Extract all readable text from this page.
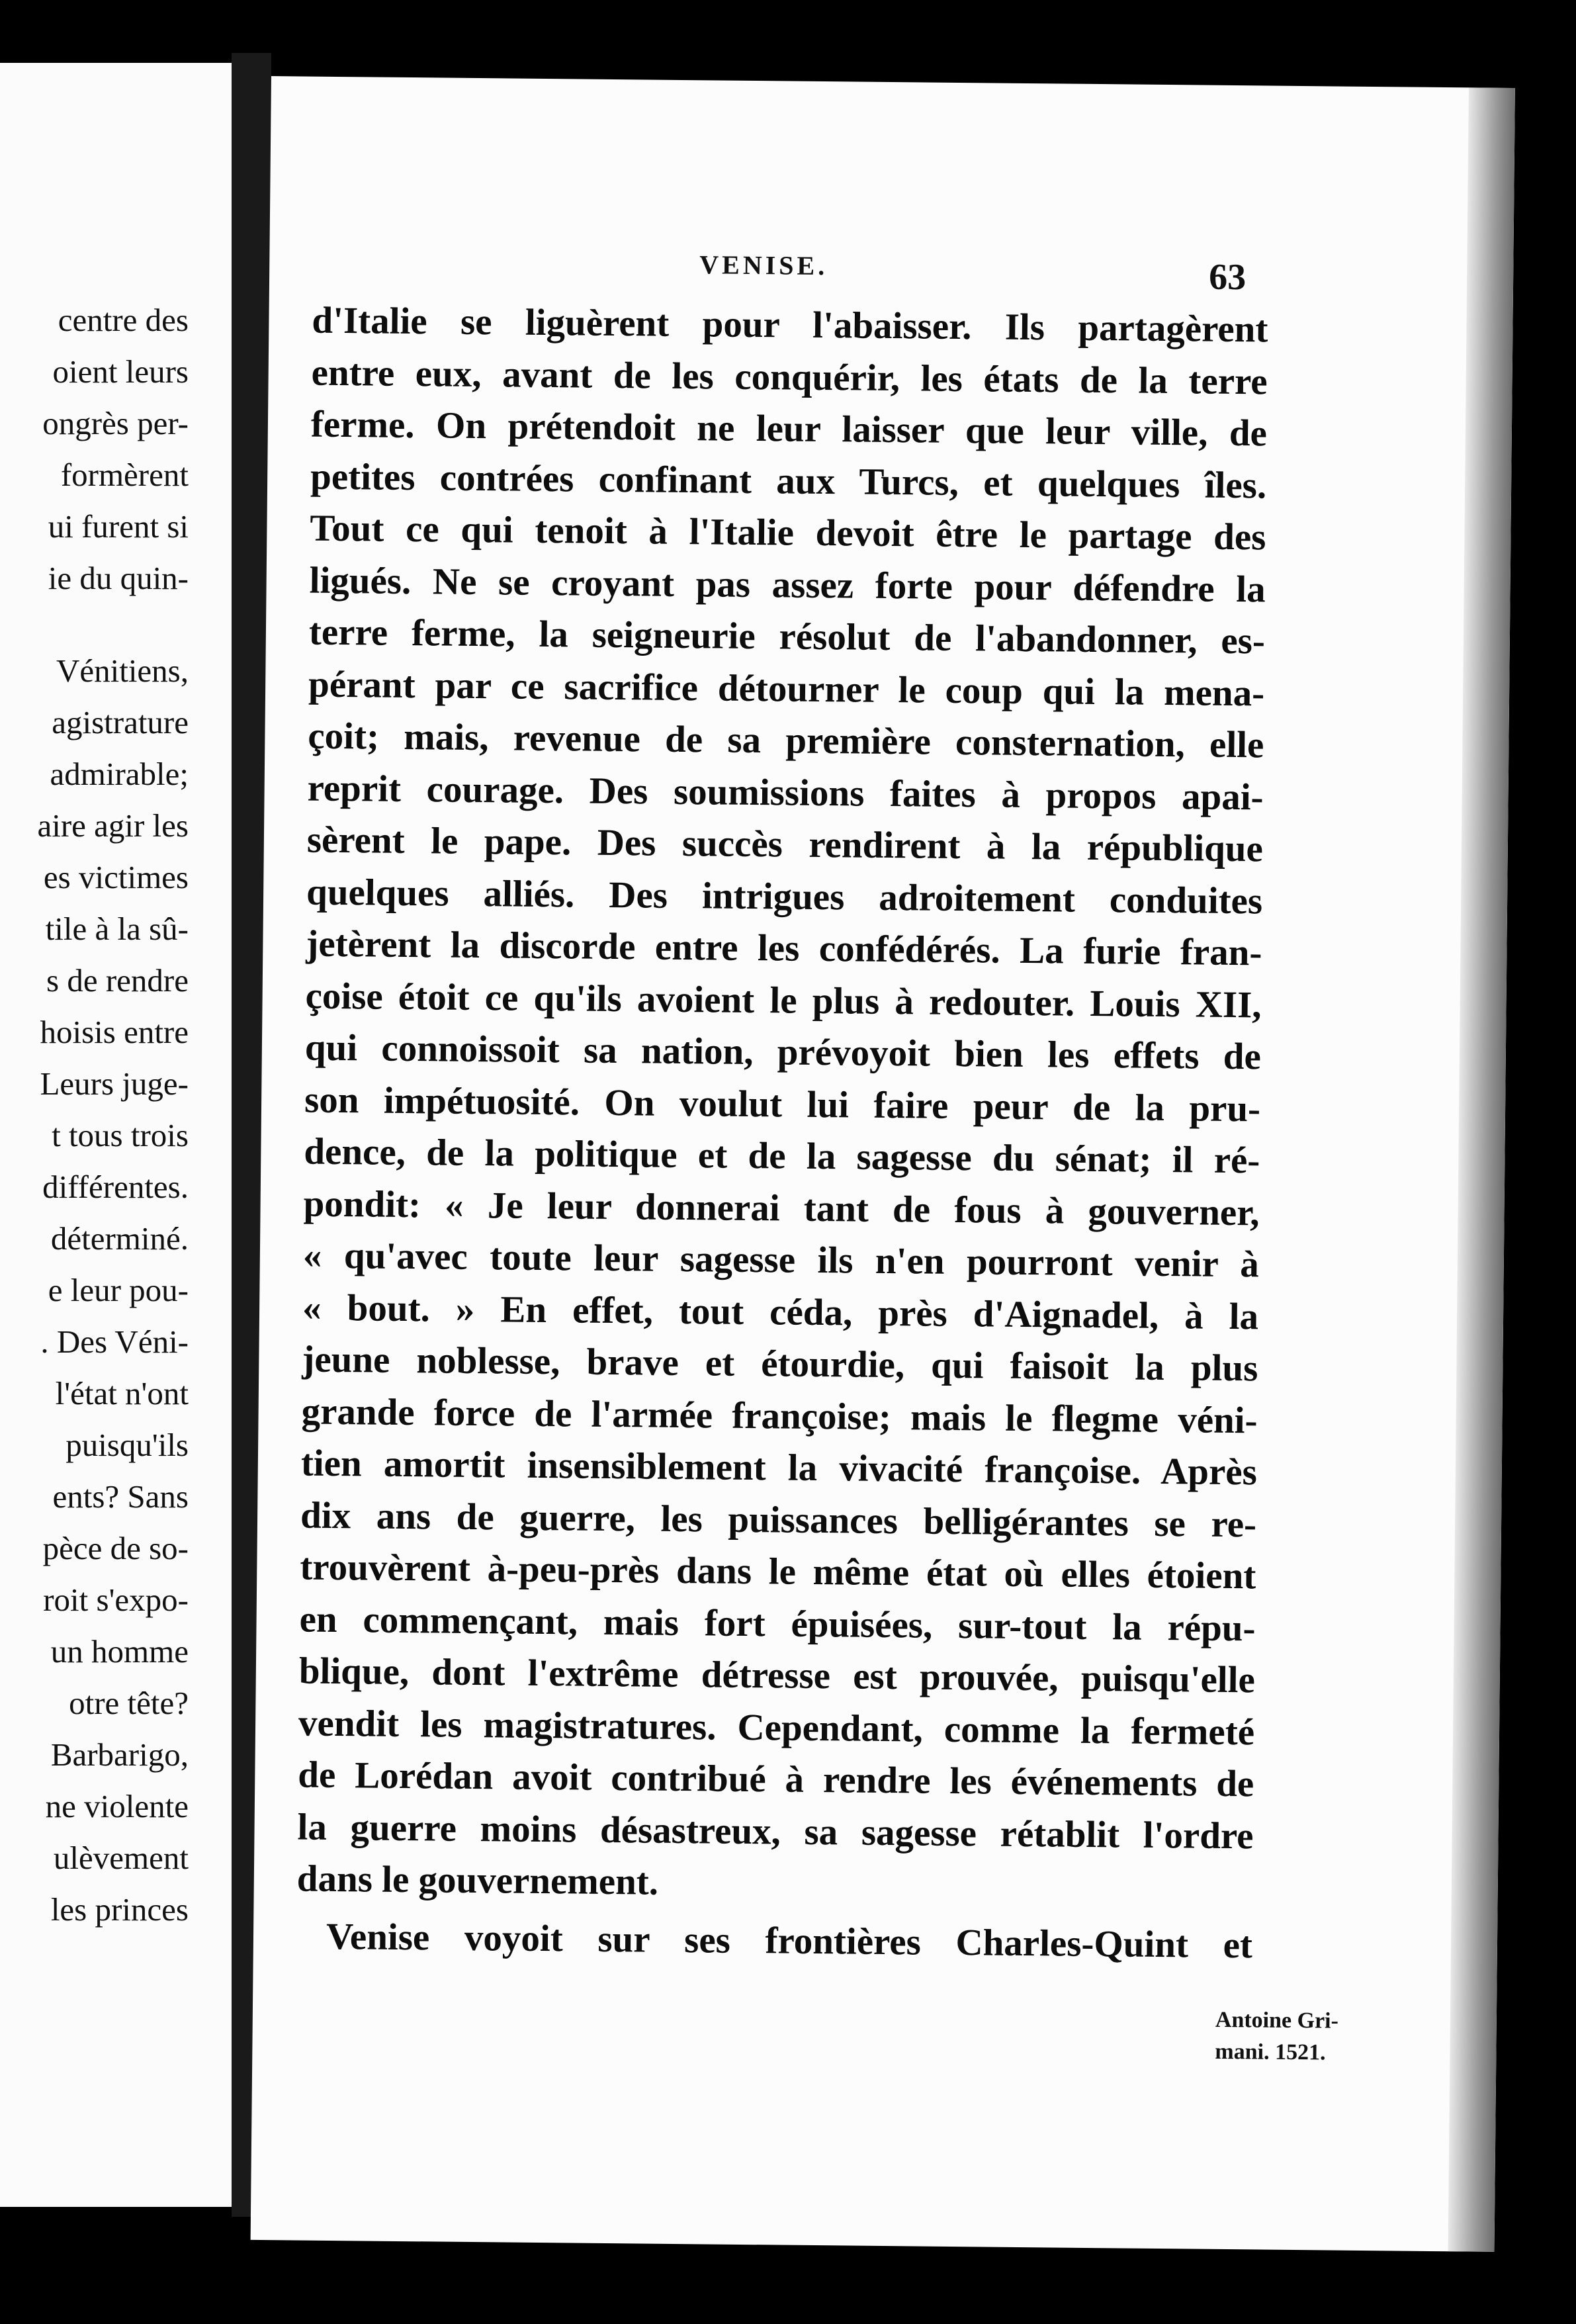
centre des
oient leurs
ongrès per-
formèrent
ui furent si
ie du quin-

Vénitiens,
agistrature
admirable;
aire agir les
es victimes
tile à la sû-
s de rendre
hoisis entre
Leurs juge-
t tous trois
différentes.
déterminé.
e leur pou-
. Des Véni-
l'état n'ont
puisqu'ils
ents? Sans
pèce de so-
roit s'expo-
un homme
otre tête?
Barbarigo,
ne violente
ulèvement
les princes
VENISE.	63
d'Italie se liguèrent pour l'abaisser. Ils partagèrent
entre eux, avant de les conquérir, les états de la terre
ferme. On prétendoit ne leur laisser que leur ville, de
petites contrées confinant aux Turcs, et quelques îles.
Tout ce qui tenoit à l'Italie devoit être le partage des
ligués. Ne se croyant pas assez forte pour défendre la
terre ferme, la seigneurie résolut de l'abandonner, es-
pérant par ce sacrifice détourner le coup qui la mena-
çoit; mais, revenue de sa première consternation, elle
reprit courage. Des soumissions faites à propos apai-
sèrent le pape. Des succès rendirent à la république
quelques alliés. Des intrigues adroitement conduites
jetèrent la discorde entre les confédérés. La furie fran-
çoise étoit ce qu'ils avoient le plus à redouter. Louis XII,
qui connoissoit sa nation, prévoyoit bien les effets de
son impétuosité. On voulut lui faire peur de la pru-
dence, de la politique et de la sagesse du sénat; il ré-
pondit: « Je leur donnerai tant de fous à gouverner,
« qu'avec toute leur sagesse ils n'en pourront venir à
« bout. » En effet, tout céda, près d'Aignadel, à la
jeune noblesse, brave et étourdie, qui faisoit la plus
grande force de l'armée françoise; mais le flegme véni-
tien amortit insensiblement la vivacité françoise. Après
dix ans de guerre, les puissances belligérantes se re-
trouvèrent à-peu-près dans le même état où elles étoient
en commençant, mais fort épuisées, sur-tout la répu-
blique, dont l'extrême détresse est prouvée, puisqu'elle
vendit les magistratures. Cependant, comme la fermeté
de Lorédan avoit contribué à rendre les événements de
la guerre moins désastreux, sa sagesse rétablit l'ordre
dans le gouvernement.
Venise voyoit sur ses frontières Charles-Quint et
Antoine Gri-
mani. 1521.
